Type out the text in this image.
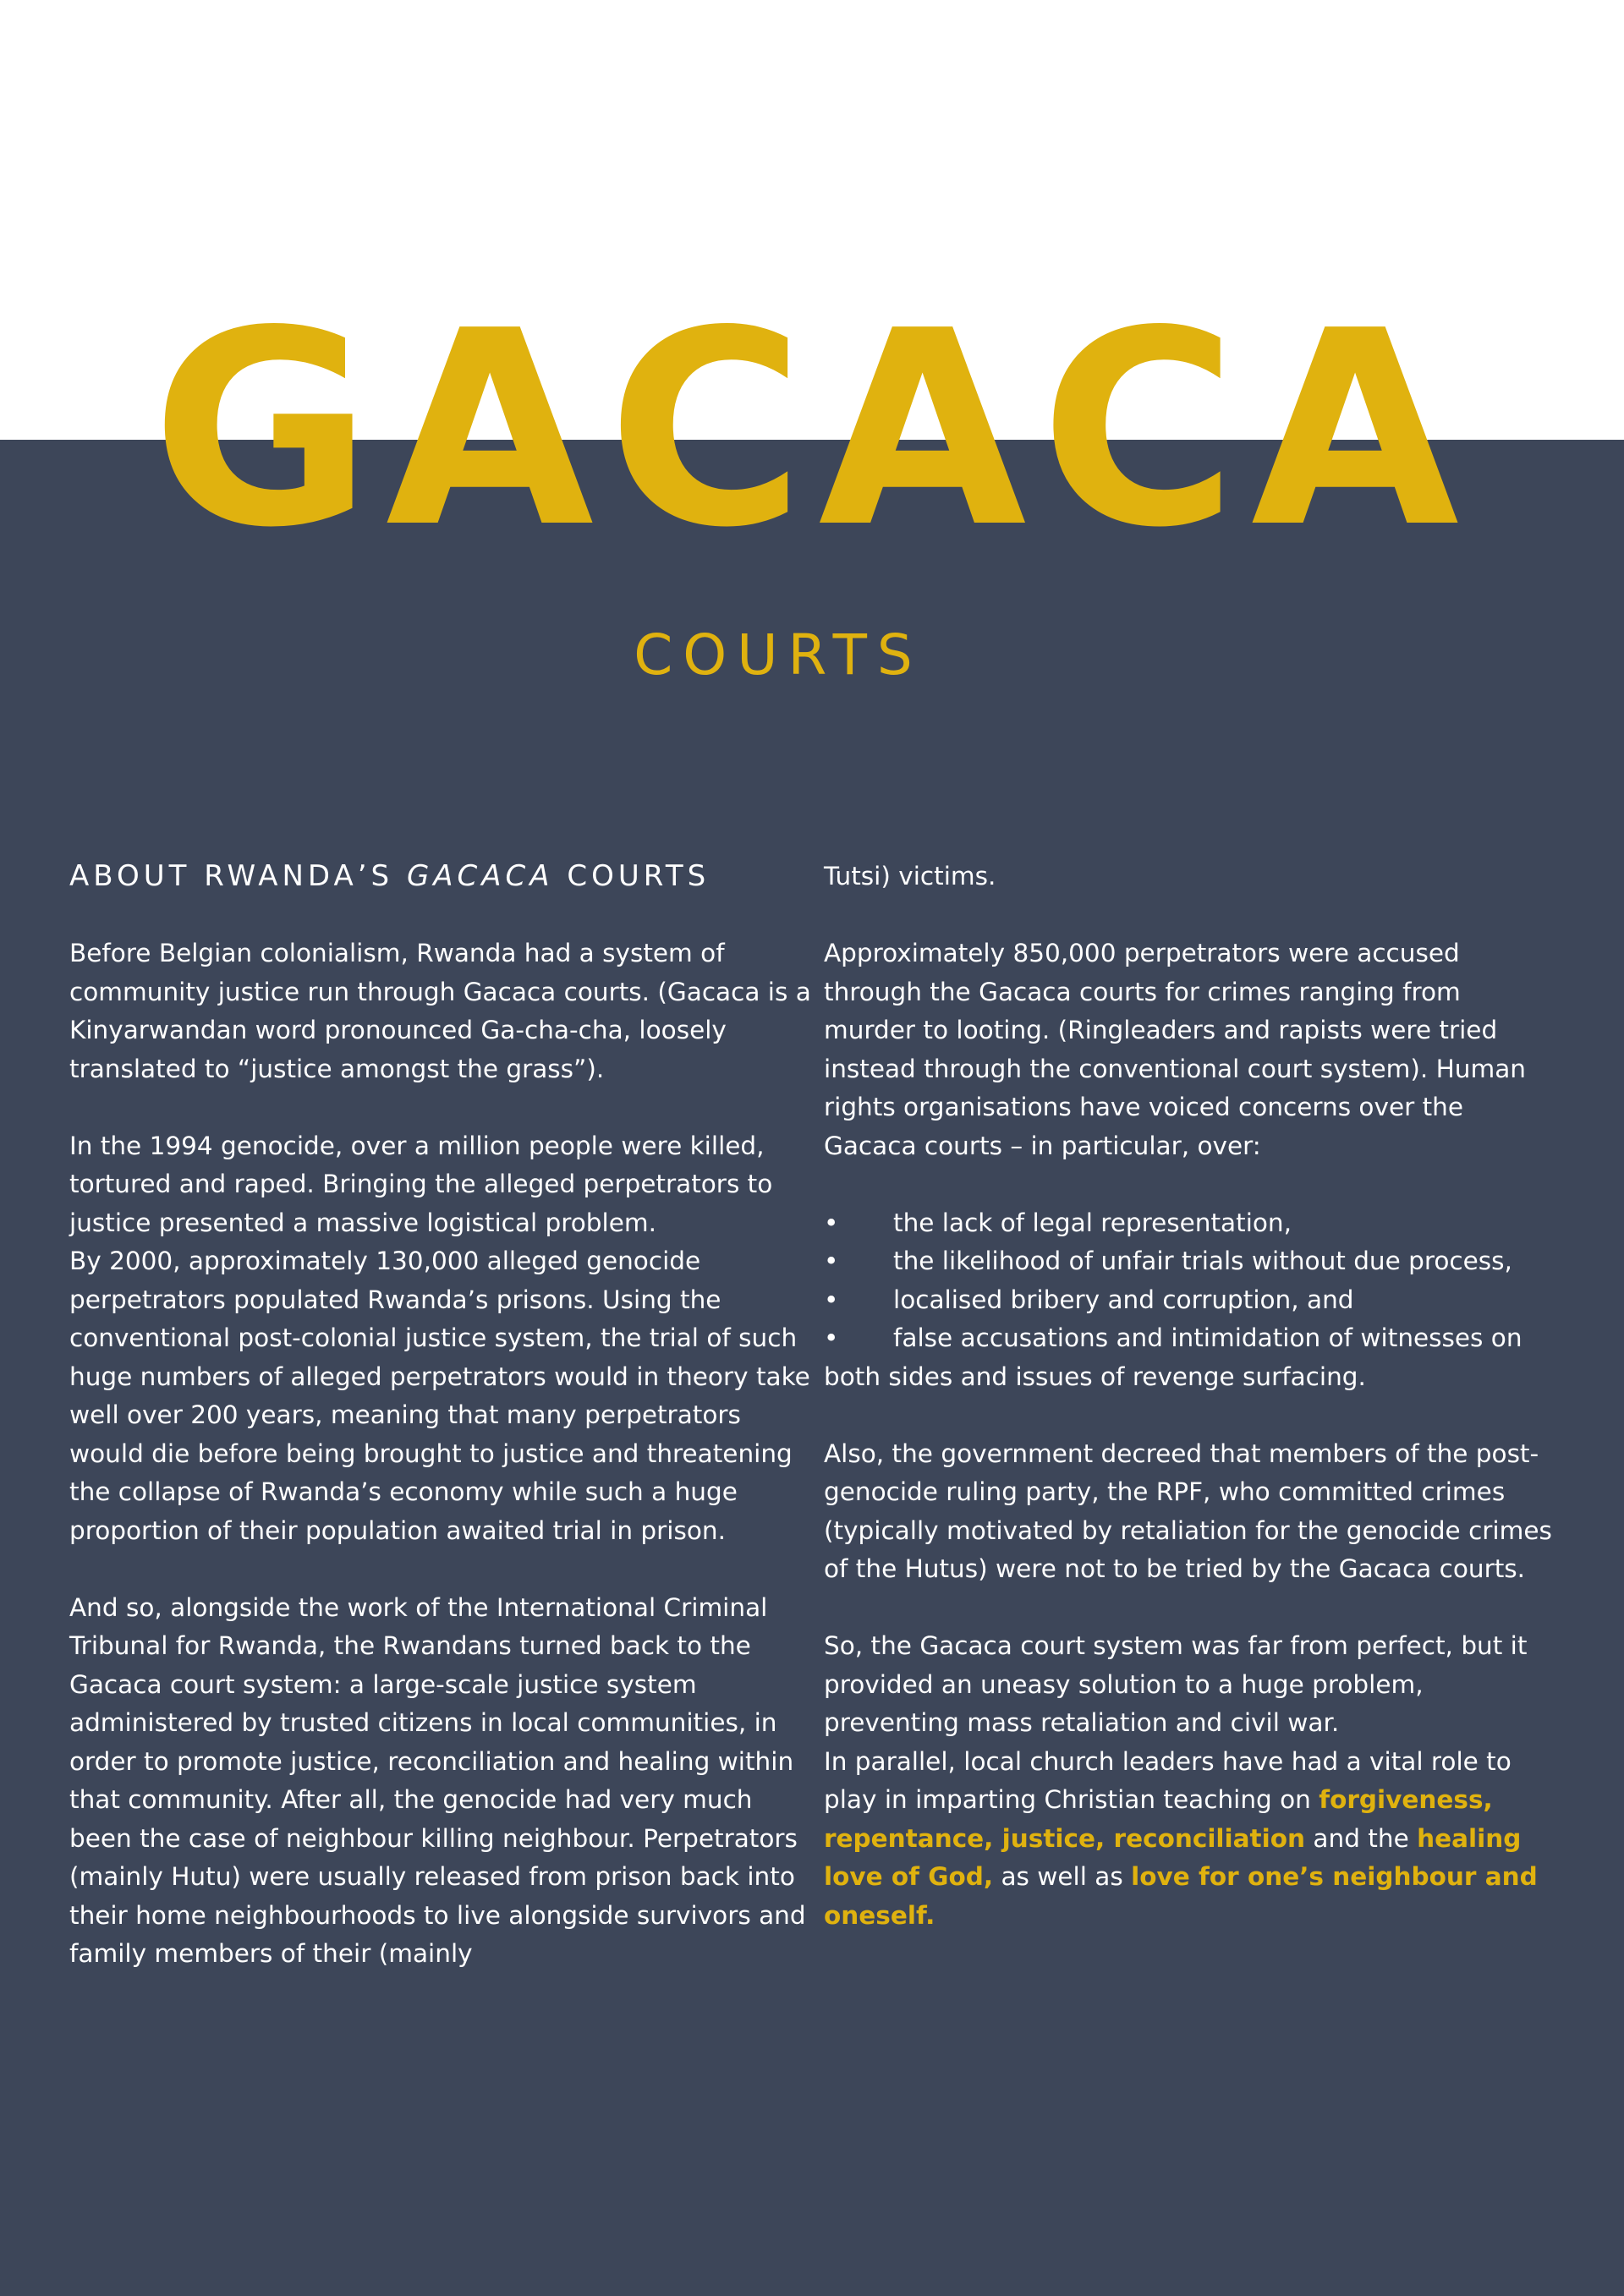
GACACA
COURTS
ABOUT RWANDA’S GACACA COURTS

Before Belgian colonialism, Rwanda had a system of community justice run through Gacaca courts. (Gacaca is a Kinyarwandan word pronounced Ga-cha-cha, loosely translated to “justice amongst the grass”).

In the 1994 genocide, over a million people were killed, tortured and raped. Bringing the alleged perpetrators to justice presented a massive logistical problem.
By 2000, approximately 130,000 alleged genocide perpetrators populated Rwanda’s prisons. Using the conventional post-colonial justice system, the trial of such huge numbers of alleged perpetrators would in theory take well over 200 years, meaning that many perpetrators would die before being brought to justice and threatening the collapse of Rwanda’s economy while such a huge proportion of their population awaited trial in prison.

And so, alongside the work of the International Criminal Tribunal for Rwanda, the Rwandans turned back to the Gacaca court system: a large-scale justice system administered by trusted citizens in local communities, in order to promote justice, reconciliation and healing within that community. After all, the genocide had very much been the case of neighbour killing neighbour. Perpetrators (mainly Hutu) were usually released from prison back into their home neighbourhoods to live alongside survivors and family members of their (mainly

Tutsi) victims.

Approximately 850,000 perpetrators were accused through the Gacaca courts for crimes ranging from murder to looting. (Ringleaders and rapists were tried instead through the conventional court system). Human rights organisations have voiced concerns over the Gacaca courts – in particular, over:

• the lack of legal representation,
• the likelihood of unfair trials without due process,
• localised bribery and corruption, and
• false accusations and intimidation of witnesses on both sides and issues of revenge surfacing.

Also, the government decreed that members of the post-genocide ruling party, the RPF, who committed crimes (typically motivated by retaliation for the genocide crimes of the Hutus) were not to be tried by the Gacaca courts.

So, the Gacaca court system was far from perfect, but it provided an uneasy solution to a huge problem, preventing mass retaliation and civil war.
In parallel, local church leaders have had a vital role to play in imparting Christian teaching on forgiveness, repentance, justice, reconciliation and the healing love of God, as well as love for one’s neighbour and oneself.
